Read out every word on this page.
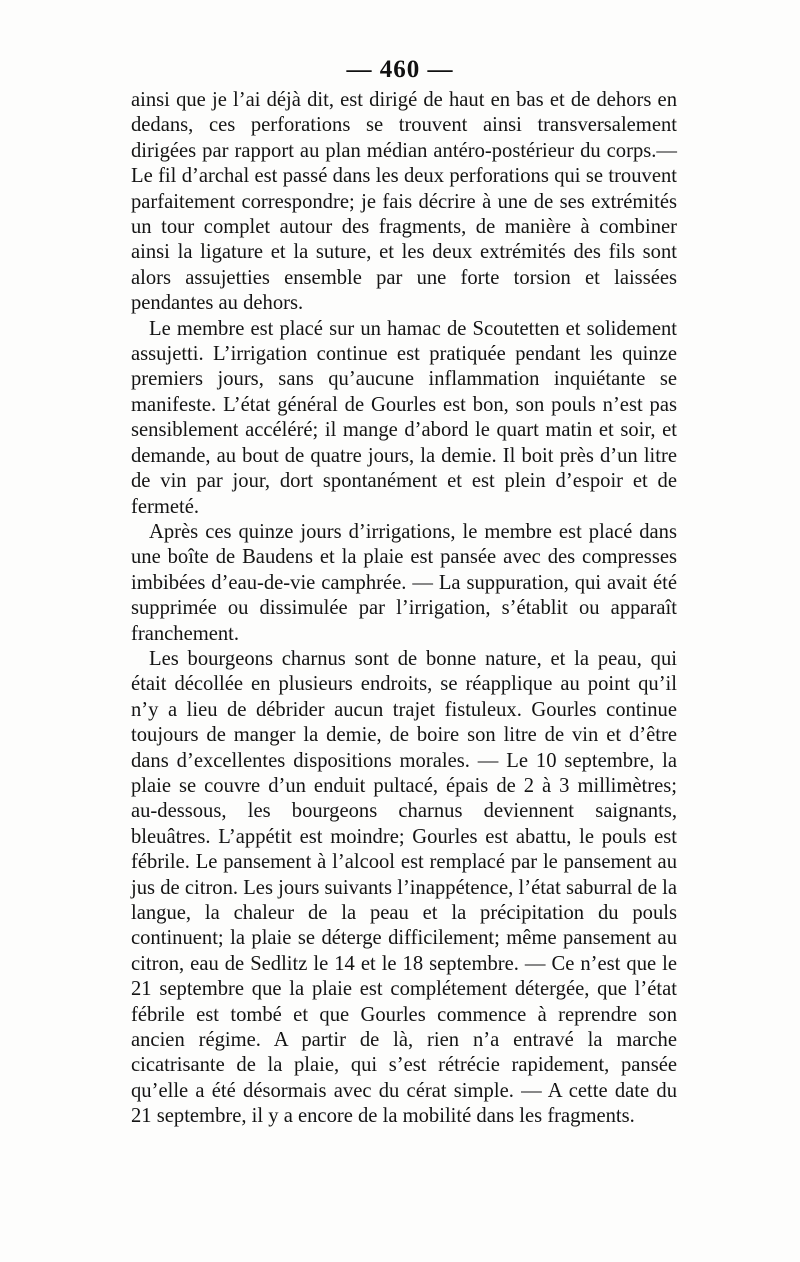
— 460 —

ainsi que je l’ai déjà dit, est dirigé de haut en bas et de dehors en dedans, ces perforations se trouvent ainsi transversalement dirigées par rapport au plan médian antéro-postérieur du corps.—Le fil d’archal est passé dans les deux perforations qui se trouvent parfaitement correspondre; je fais décrire à une de ses extrémités un tour complet autour des fragments, de manière à combiner ainsi la ligature et la suture, et les deux extrémités des fils sont alors assujetties ensemble par une forte torsion et laissées pendantes au dehors.

Le membre est placé sur un hamac de Scoutetten et solidement assujetti. L’irrigation continue est pratiquée pendant les quinze premiers jours, sans qu’aucune inflammation inquiétante se manifeste. L’état général de Gourles est bon, son pouls n’est pas sensiblement accéléré; il mange d’abord le quart matin et soir, et demande, au bout de quatre jours, la demie. Il boit près d’un litre de vin par jour, dort spontanément et est plein d’espoir et de fermeté.

Après ces quinze jours d’irrigations, le membre est placé dans une boîte de Baudens et la plaie est pansée avec des compresses imbibées d’eau-de-vie camphrée. — La suppuration, qui avait été supprimée ou dissimulée par l’irrigation, s’établit ou apparaît franchement.

Les bourgeons charnus sont de bonne nature, et la peau, qui était décollée en plusieurs endroits, se réapplique au point qu’il n’y a lieu de débrider aucun trajet fistuleux. Gourles continue toujours de manger la demie, de boire son litre de vin et d’être dans d’excellentes dispositions morales. — Le 10 septembre, la plaie se couvre d’un enduit pultacé, épais de 2 à 3 millimètres; au-dessous, les bourgeons charnus deviennent saignants, bleuâtres. L’appétit est moindre; Gourles est abattu, le pouls est fébrile. Le pansement à l’alcool est remplacé par le pansement au jus de citron. Les jours suivants l’inappétence, l’état saburral de la langue, la chaleur de la peau et la précipitation du pouls continuent; la plaie se déterge difficilement; même pansement au citron, eau de Sedlitz le 14 et le 18 septembre. — Ce n’est que le 21 septembre que la plaie est complétement détergée, que l’état fébrile est tombé et que Gourles commence à reprendre son ancien régime. A partir de là, rien n’a entravé la marche cicatrisante de la plaie, qui s’est rétrécie rapidement, pansée qu’elle a été désormais avec du cérat simple. — A cette date du 21 septembre, il y a encore de la mobilité dans les fragments.
